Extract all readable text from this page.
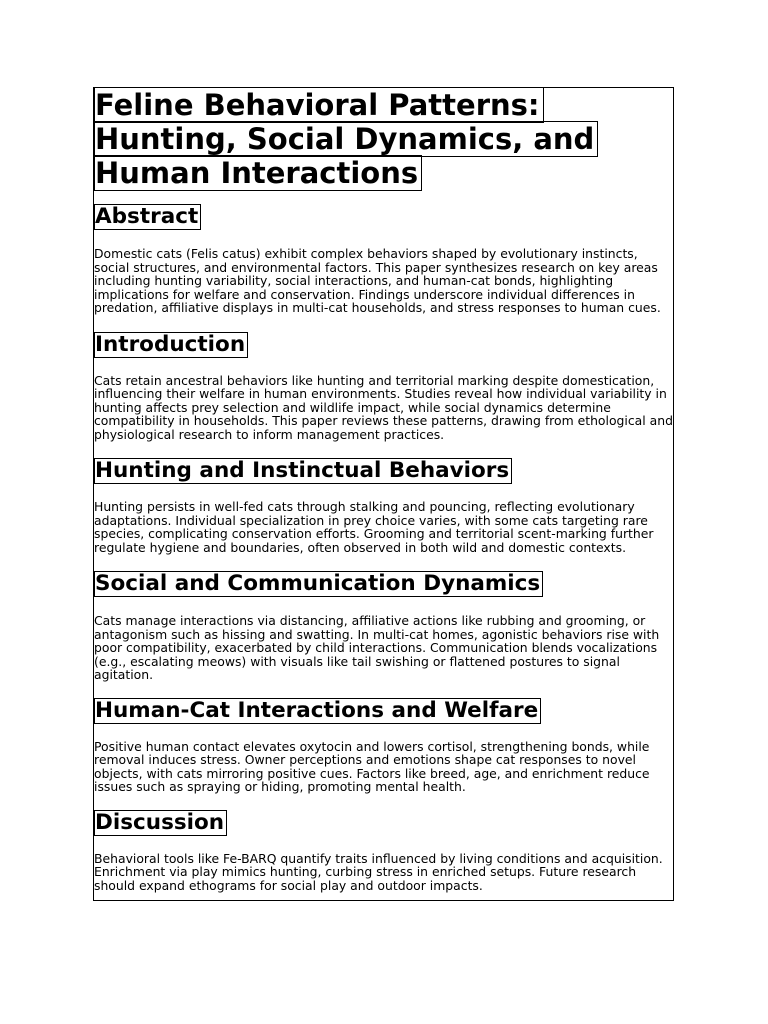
Feline Behavioral Patterns: Hunting, Social Dynamics, and Human Interactions
Abstract

Domestic cats (Felis catus) exhibit complex behaviors shaped by evolutionary instincts, social structures, and environmental factors. This paper synthesizes research on key areas including hunting variability, social interactions, and human-cat bonds, highlighting implications for welfare and conservation. Findings underscore individual differences in predation, affiliative displays in multi-cat households, and stress responses to human cues.

Introduction

Cats retain ancestral behaviors like hunting and territorial marking despite domestication, influencing their welfare in human environments. Studies reveal how individual variability in hunting affects prey selection and wildlife impact, while social dynamics determine compatibility in households. This paper reviews these patterns, drawing from ethological and physiological research to inform management practices.

Hunting and Instinctual Behaviors

Hunting persists in well-fed cats through stalking and pouncing, reflecting evolutionary adaptations. Individual specialization in prey choice varies, with some cats targeting rare species, complicating conservation efforts. Grooming and territorial scent-marking further regulate hygiene and boundaries, often observed in both wild and domestic contexts.

Social and Communication Dynamics

Cats manage interactions via distancing, affiliative actions like rubbing and grooming, or antagonism such as hissing and swatting. In multi-cat homes, agonistic behaviors rise with poor compatibility, exacerbated by child interactions. Communication blends vocalizations (e.g., escalating meows) with visuals like tail swishing or flattened postures to signal agitation.

Human-Cat Interactions and Welfare

Positive human contact elevates oxytocin and lowers cortisol, strengthening bonds, while removal induces stress. Owner perceptions and emotions shape cat responses to novel objects, with cats mirroring positive cues. Factors like breed, age, and enrichment reduce issues such as spraying or hiding, promoting mental health.

Discussion

Behavioral tools like Fe-BARQ quantify traits influenced by living conditions and acquisition. Enrichment via play mimics hunting, curbing stress in enriched setups. Future research should expand ethograms for social play and outdoor impacts.
